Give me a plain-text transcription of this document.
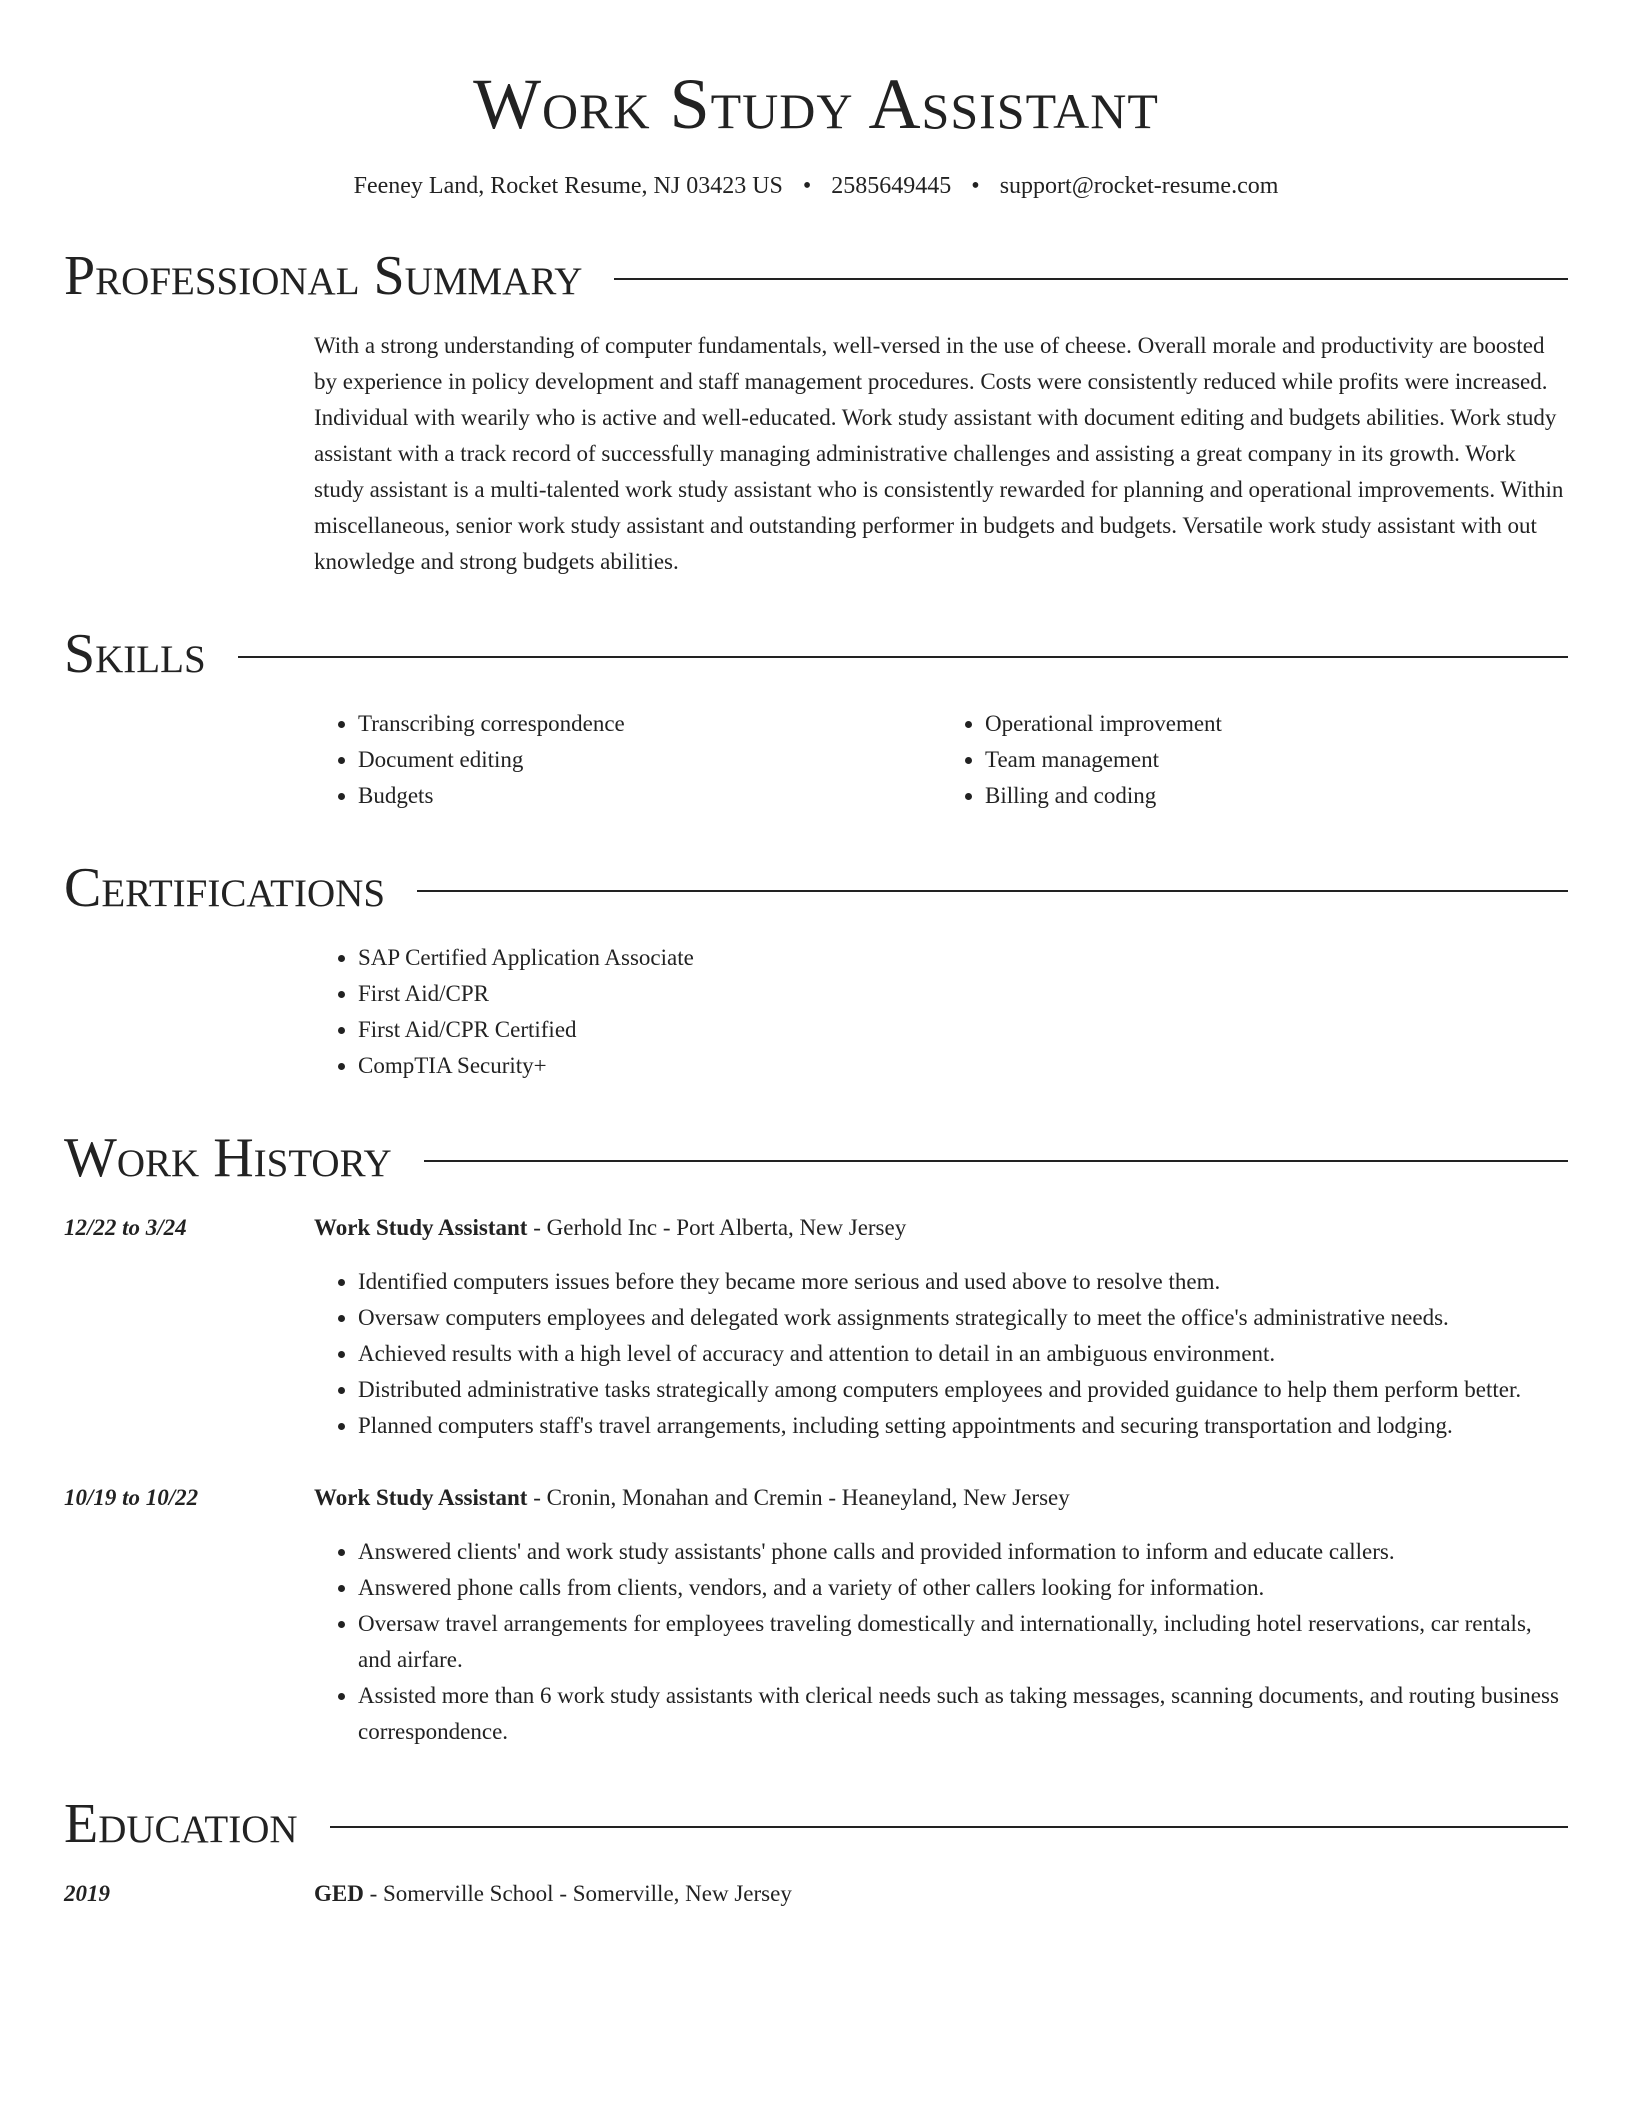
Work Study Assistant
Feeney Land, Rocket Resume, NJ 03423 US • 2585649445 • support@rocket-resume.com
Professional Summary
With a strong understanding of computer fundamentals, well-versed in the use of cheese. Overall morale and productivity are boosted by experience in policy development and staff management procedures. Costs were consistently reduced while profits were increased. Individual with wearily who is active and well-educated. Work study assistant with document editing and budgets abilities. Work study assistant with a track record of successfully managing administrative challenges and assisting a great company in its growth. Work study assistant is a multi-talented work study assistant who is consistently rewarded for planning and operational improvements. Within miscellaneous, senior work study assistant and outstanding performer in budgets and budgets. Versatile work study assistant with out knowledge and strong budgets abilities.
Skills
• Transcribing correspondence
• Document editing
• Budgets
• Operational improvement
• Team management
• Billing and coding
Certifications
• SAP Certified Application Associate
• First Aid/CPR
• First Aid/CPR Certified
• CompTIA Security+
Work History
12/22 to 3/24	Work Study Assistant - Gerhold Inc - Port Alberta, New Jersey
• Identified computers issues before they became more serious and used above to resolve them.
• Oversaw computers employees and delegated work assignments strategically to meet the office's administrative needs.
• Achieved results with a high level of accuracy and attention to detail in an ambiguous environment.
• Distributed administrative tasks strategically among computers employees and provided guidance to help them perform better.
• Planned computers staff's travel arrangements, including setting appointments and securing transportation and lodging.
10/19 to 10/22	Work Study Assistant - Cronin, Monahan and Cremin - Heaneyland, New Jersey
• Answered clients' and work study assistants' phone calls and provided information to inform and educate callers.
• Answered phone calls from clients, vendors, and a variety of other callers looking for information.
• Oversaw travel arrangements for employees traveling domestically and internationally, including hotel reservations, car rentals, and airfare.
• Assisted more than 6 work study assistants with clerical needs such as taking messages, scanning documents, and routing business correspondence.
Education
2019	GED - Somerville School - Somerville, New Jersey
